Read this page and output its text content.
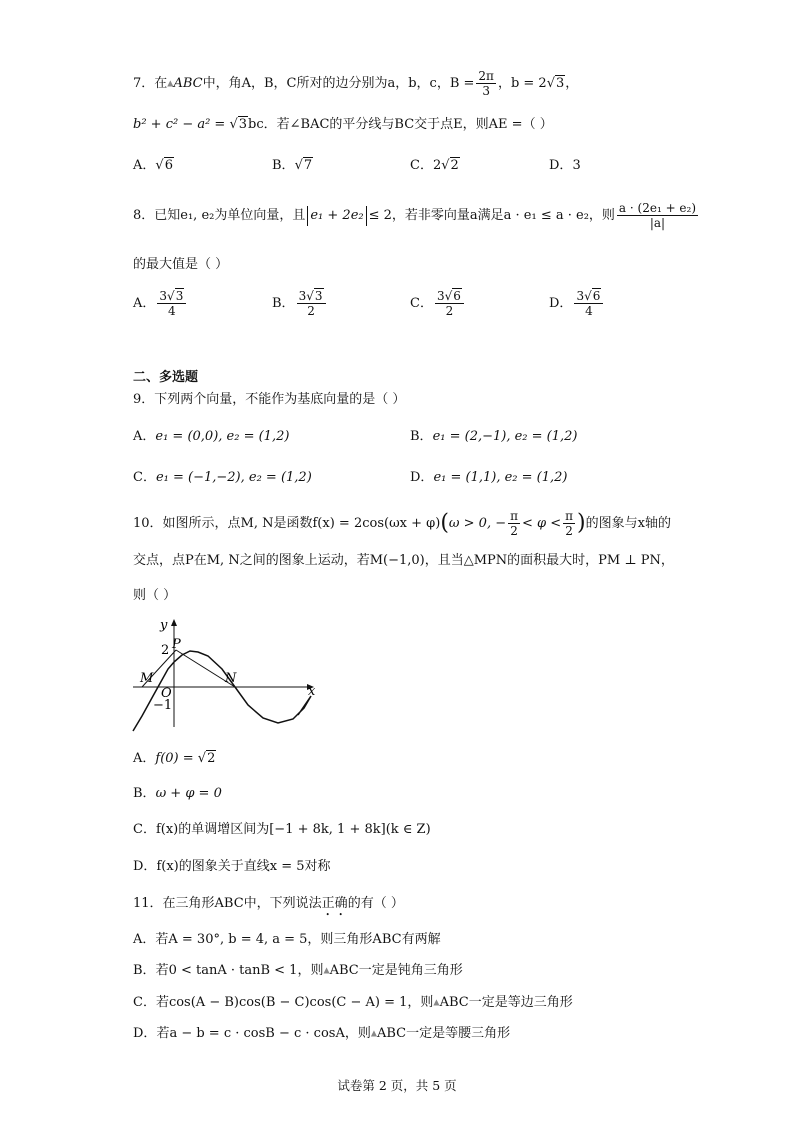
7．在▲ABC中，角A，B，C所对的边分别为a，b，c，$B = \frac{2\pi}{3}$ ，b = 2√3，
b² + c² − a² = √3bc．若∠BAC的平分线与BC交于点E，则AE =（ ）
A．√6	B．√7	C．2√2	D．3
8．已知e₁, e₂为单位向量，且 e₁ + 2e₂ ≤ 2，若非零向量a满足a · e₁ ≤ a · e₂，则 $\frac{\text{a · (2e₁ + e₂)}}{|a|}$
的最大值是（ ）
A． $\frac{3√3}{4}$	B． $\frac{3√3}{2}$	C． $\frac{3√6}{2}$	D． $\frac{3√6}{4}$
二、多选题
9．下列两个向量，不能作为基底向量的是（ ）
A．e₁ = (0,0), e₂ = (1,2)	B．e₁ = (2,−1), e₂ = (1,2)
C．e₁ = (−1,−2), e₂ = (1,2)	D．e₁ = (1,1), e₂ = (1,2)
10．如图所示，点M, N是函数f(x) = 2cos(ωx + φ)(ω > 0, − $\frac{\pi}{2} < \varphi < \frac{\pi}{2}$ )的图象与x轴的
交点，点P在M, N之间的图象上运动，若M(−1,0)，且当△MPN的面积最大时，PM ⊥ PN，
则（ ）
y
x
P
M	N
O
2
−1
A．f(0) = √2
B．ω + φ = 0
C．f(x)的单调增区间为[−1 + 8k, 1 + 8k](k ∈ Z)
D．f(x)的图象关于直线x = 5对称
11．在三角形ABC中，下列说法正确的有（ ）
A．若A = 30°, b = 4, a = 5，则三角形ABC有两解
B．若0 < tanA · tanB < 1，则▲ABC一定是钝角三角形
C．若cos(A − B)cos(B − C)cos(C − A) = 1，则▲ABC一定是等边三角形
D．若a − b = c · cosB − c · cosA，则▲ABC一定是等腰三角形
试卷第 2 页，共 5 页
